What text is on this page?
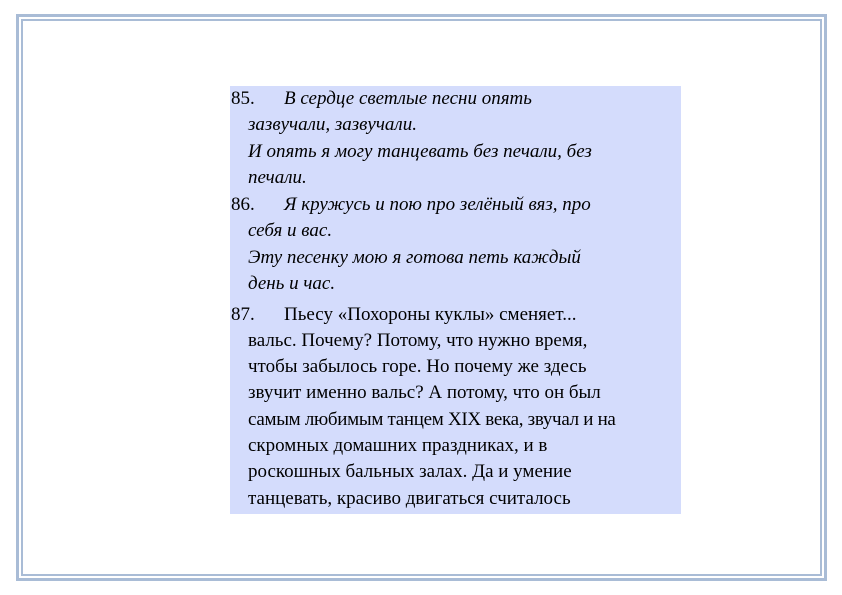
85. В сердце светлые песни опять
зазвучали, зазвучали.
И опять я могу танцевать без печали, без
печали.
86. Я кружусь и пою про зелёный вяз, про
себя и вас.
Эту песенку мою я готова петь каждый
день и час.
87. Пьесу «Похороны куклы» сменяет...
вальс. Почему? Потому, что нужно время,
чтобы забылось горе. Но почему же здесь
звучит именно вальс? А потому, что он был
самым любимым танцем XIX века, звучал и на
скромных домашних праздниках, и в
роскошных бальных залах. Да и умение
танцевать, красиво двигаться считалось
